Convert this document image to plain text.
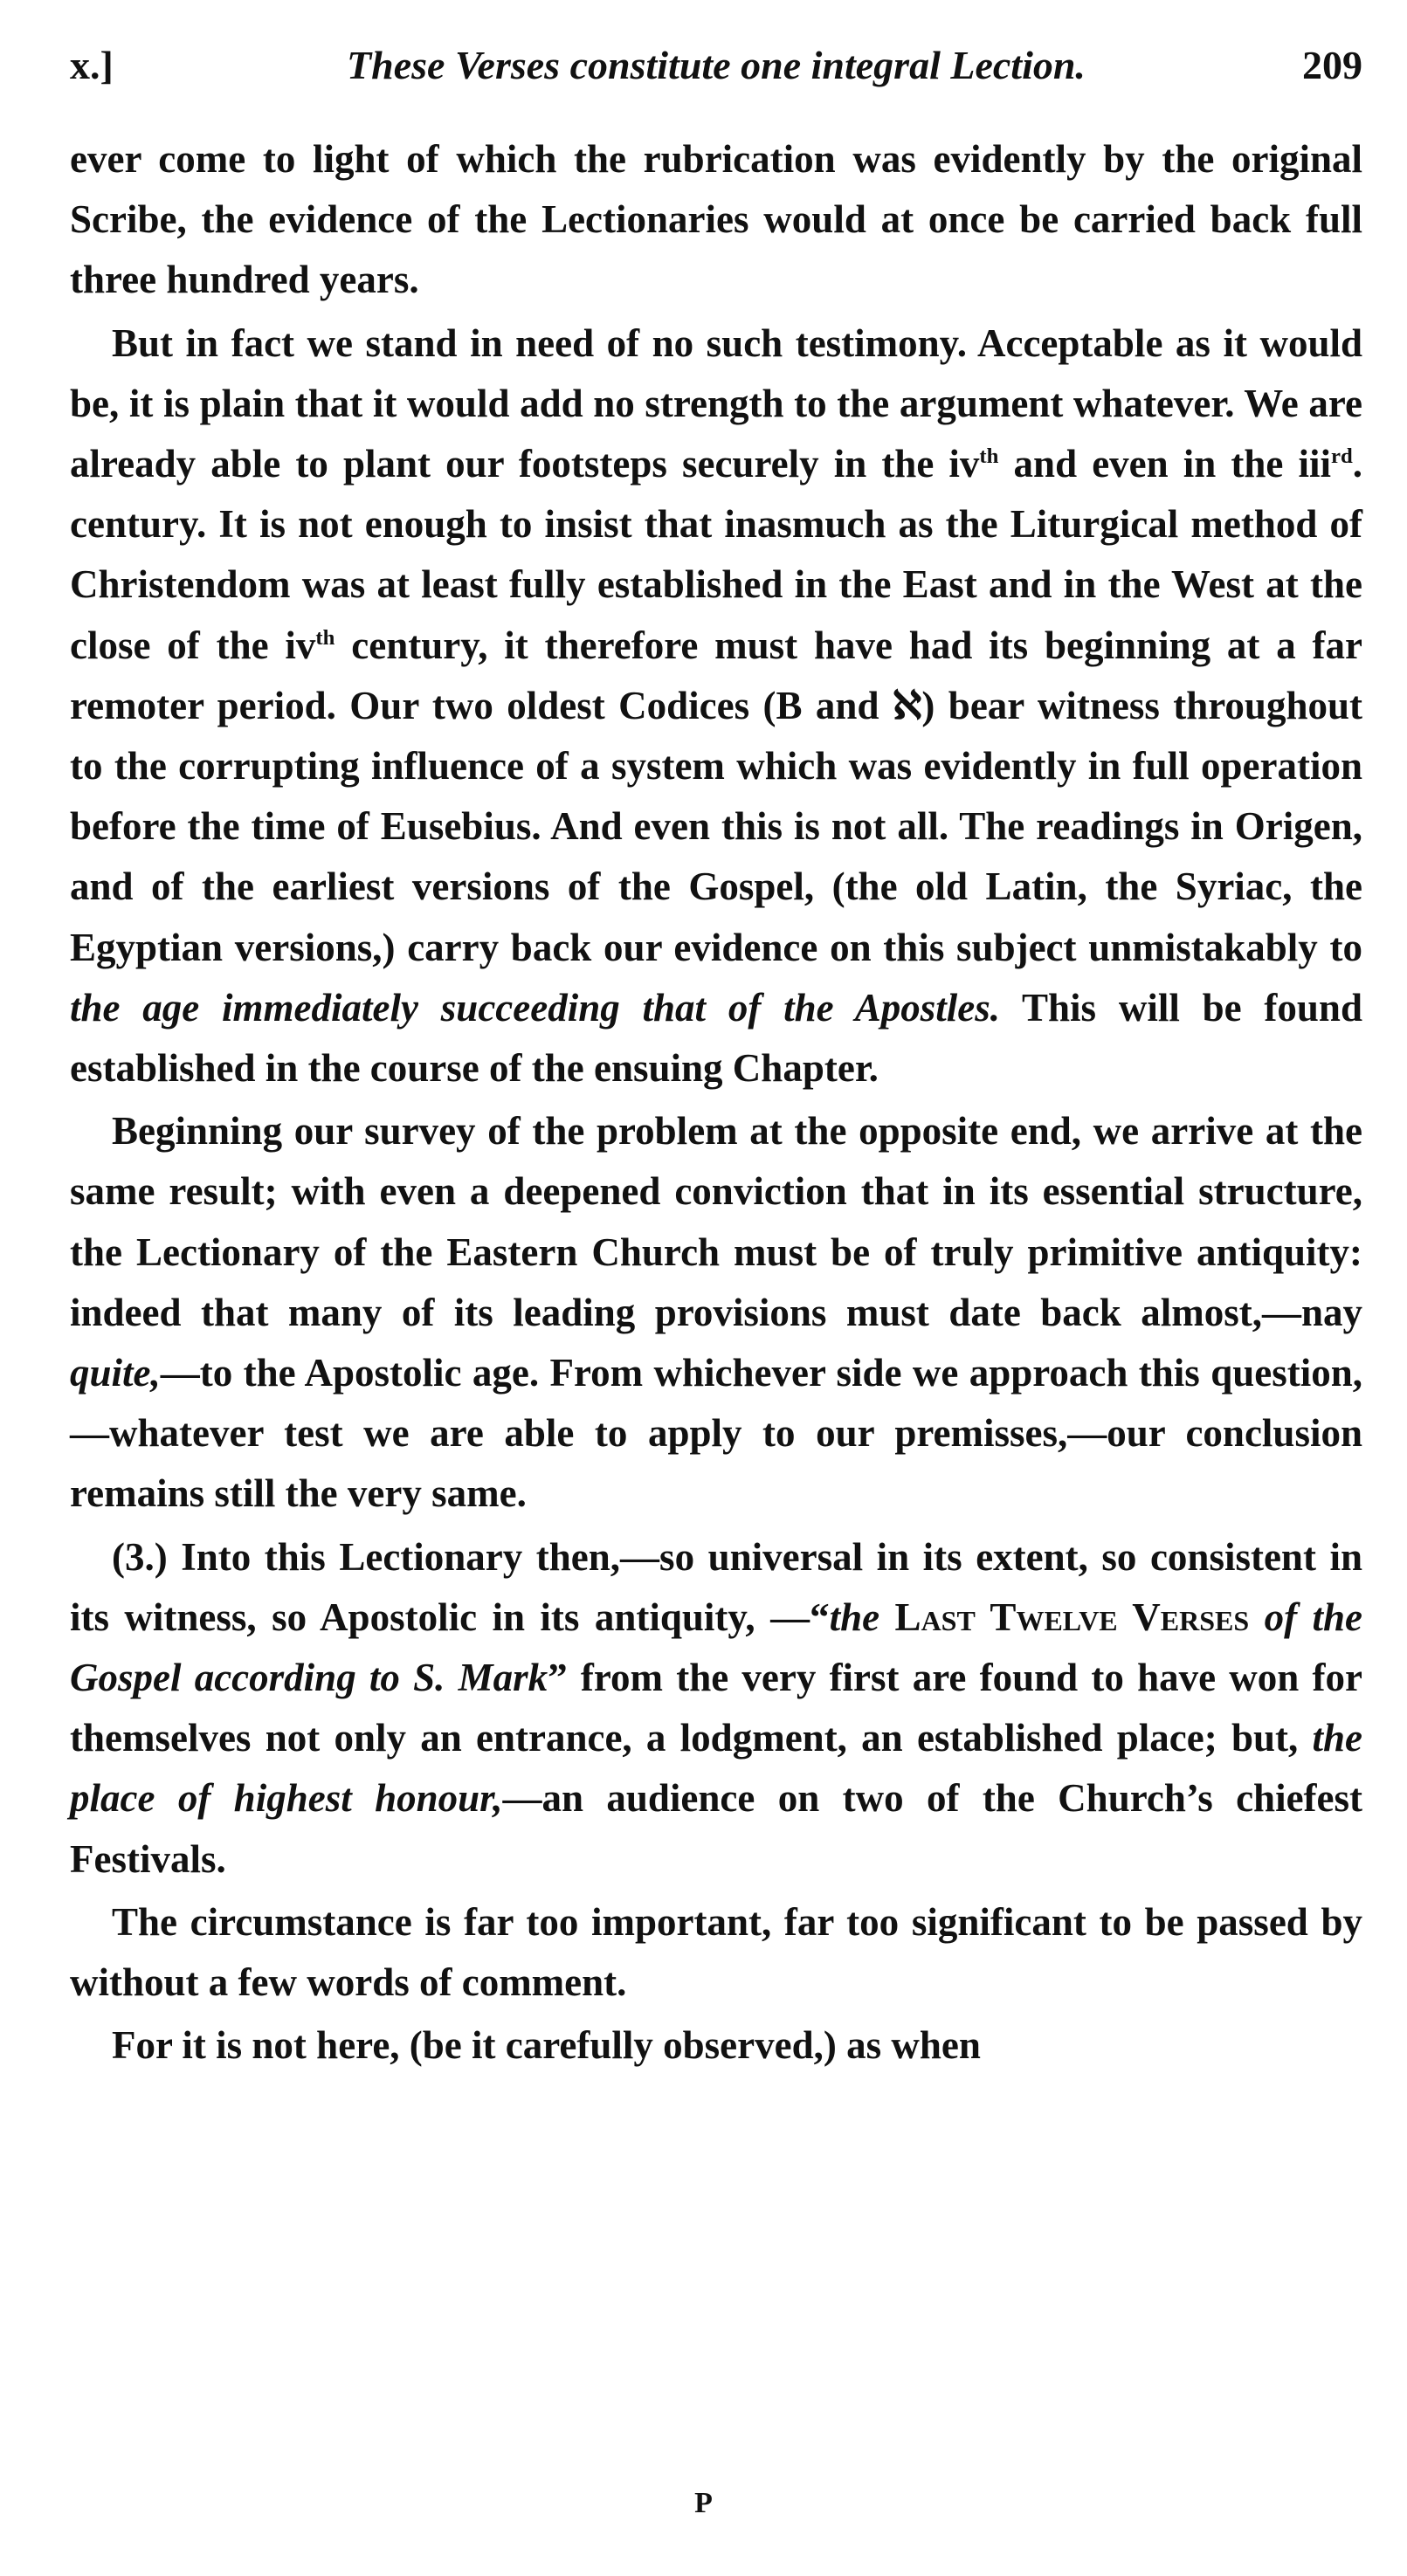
x.]	These Verses constitute one integral Lection.	209

ever come to light of which the rubrication was evidently by the original Scribe, the evidence of the Lectionaries would at once be carried back full three hundred years.

But in fact we stand in need of no such testimony. Acceptable as it would be, it is plain that it would add no strength to the argument whatever. We are already able to plant our footsteps securely in the $iv^{th}$ and even in the iii$^{rd}$. century. It is not enough to insist that inasmuch as the Liturgical method of Christendom was at least fully established in the East and in the West at the close of the $iv^{th}$ century, it therefore must have had its beginning at a far remoter period. Our two oldest Codices (B and ℵ) bear witness throughout to the corrupting influence of a system which was evidently in full operation before the time of Eusebius. And even this is not all. The readings in Origen, and of the earliest versions of the Gospel, (the old Latin, the Syriac, the Egyptian versions,) carry back our evidence on this subject unmistakably to the age immediately succeeding that of the Apostles. This will be found established in the course of the ensuing Chapter.

Beginning our survey of the problem at the opposite end, we arrive at the same result; with even a deepened conviction that in its essential structure, the Lectionary of the Eastern Church must be of truly primitive antiquity: indeed that many of its leading provisions must date back almost,—nay quite,—to the Apostolic age. From whichever side we approach this question,—whatever test we are able to apply to our premisses,—our conclusion remains still the very same.

(3.) Into this Lectionary then,—so universal in its extent, so consistent in its witness, so Apostolic in its antiquity, —“the Last Twelve Verses of the Gospel according to S. Mark” from the very first are found to have won for themselves not only an entrance, a lodgment, an established place; but, the place of highest honour,—an audience on two of the Church’s chiefest Festivals.

The circumstance is far too important, far too significant to be passed by without a few words of comment.

For it is not here, (be it carefully observed,) as when

P
